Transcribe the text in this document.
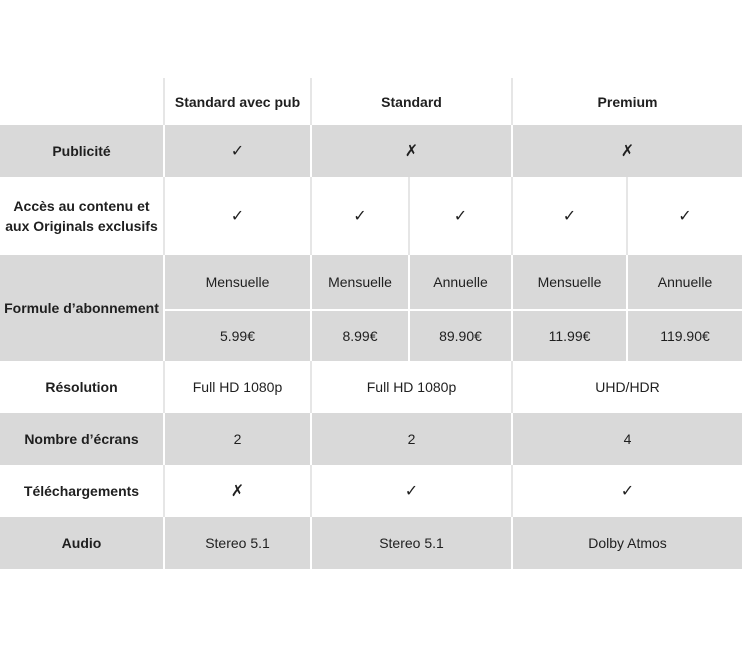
	Standard avec pub	Standard		Premium	
Publicité	✓	✗		✗	
Accès au contenu et aux Originals exclusifs	✓	✓	✓	✓	✓
Formule d’abonnement	Mensuelle	Mensuelle	Annuelle	Mensuelle	Annuelle
	5.99€	8.99€	89.90€	11.99€	119.90€
Résolution	Full HD 1080p	Full HD 1080p		UHD/HDR	
Nombre d’écrans	2	2		4	
Téléchargements	✗	✓		✓	
Audio	Stereo 5.1	Stereo 5.1		Dolby Atmos	
